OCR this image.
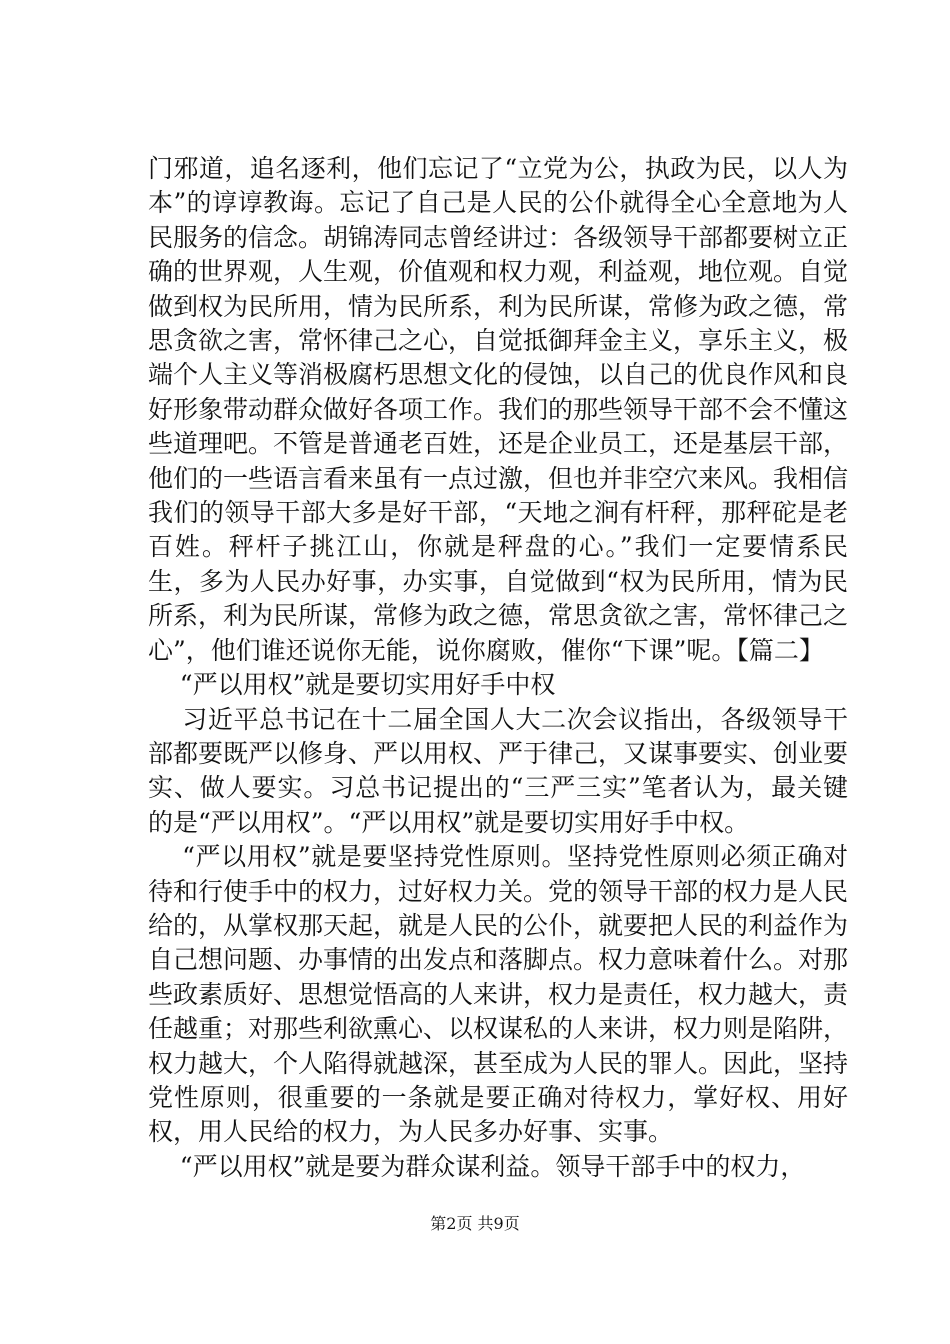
门邪道，追名逐利，他们忘记了“立党为公，执政为民，以人为本”的谆谆教诲。忘记了自己是人民的公仆就得全心全意地为人民服务的信念。胡锦涛同志曾经讲过：各级领导干部都要树立正确的世界观，人生观，价值观和权力观，利益观，地位观。自觉做到权为民所用，情为民所系，利为民所谋，常修为政之德，常思贪欲之害，常怀律己之心，自觉抵御拜金主义，享乐主义，极端个人主义等消极腐朽思想文化的侵蚀，以自己的优良作风和良好形象带动群众做好各项工作。我们的那些领导干部不会不懂这些道理吧。不管是普通老百姓，还是企业员工，还是基层干部，他们的一些语言看来虽有一点过激，但也并非空穴来风。我相信我们的领导干部大多是好干部，“天地之涧有杆秤，那秤砣是老百姓。秤杆子挑江山，你就是秤盘的心。”我们一定要情系民生，多为人民办好事，办实事，自觉做到“权为民所用，情为民所系，利为民所谋，常修为政之德，常思贪欲之害，常怀律己之心”，他们谁还说你无能，说你腐败，催你“下课”呢。【篇二】

“严以用权”就是要切实用好手中权

习近平总书记在十二届全国人大二次会议指出，各级领导干部都要既严以修身、严以用权、严于律己，又谋事要实、创业要实、做人要实。习总书记提出的“三严三实”笔者认为，最关键的是“严以用权”。“严以用权”就是要切实用好手中权。

“严以用权”就是要坚持党性原则。坚持党性原则必须正确对待和行使手中的权力，过好权力关。党的领导干部的权力是人民给的，从掌权那天起，就是人民的公仆，就要把人民的利益作为自己想问题、办事情的出发点和落脚点。权力意味着什么。对那些政素质好、思想觉悟高的人来讲，权力是责任，权力越大，责任越重；对那些利欲熏心、以权谋私的人来讲，权力则是陷阱，权力越大，个人陷得就越深，甚至成为人民的罪人。因此，坚持党性原则，很重要的一条就是要正确对待权力，掌好权、用好权，用人民给的权力，为人民多办好事、实事。

“严以用权”就是要为群众谋利益。领导干部手中的权力，

第2页 共9页
